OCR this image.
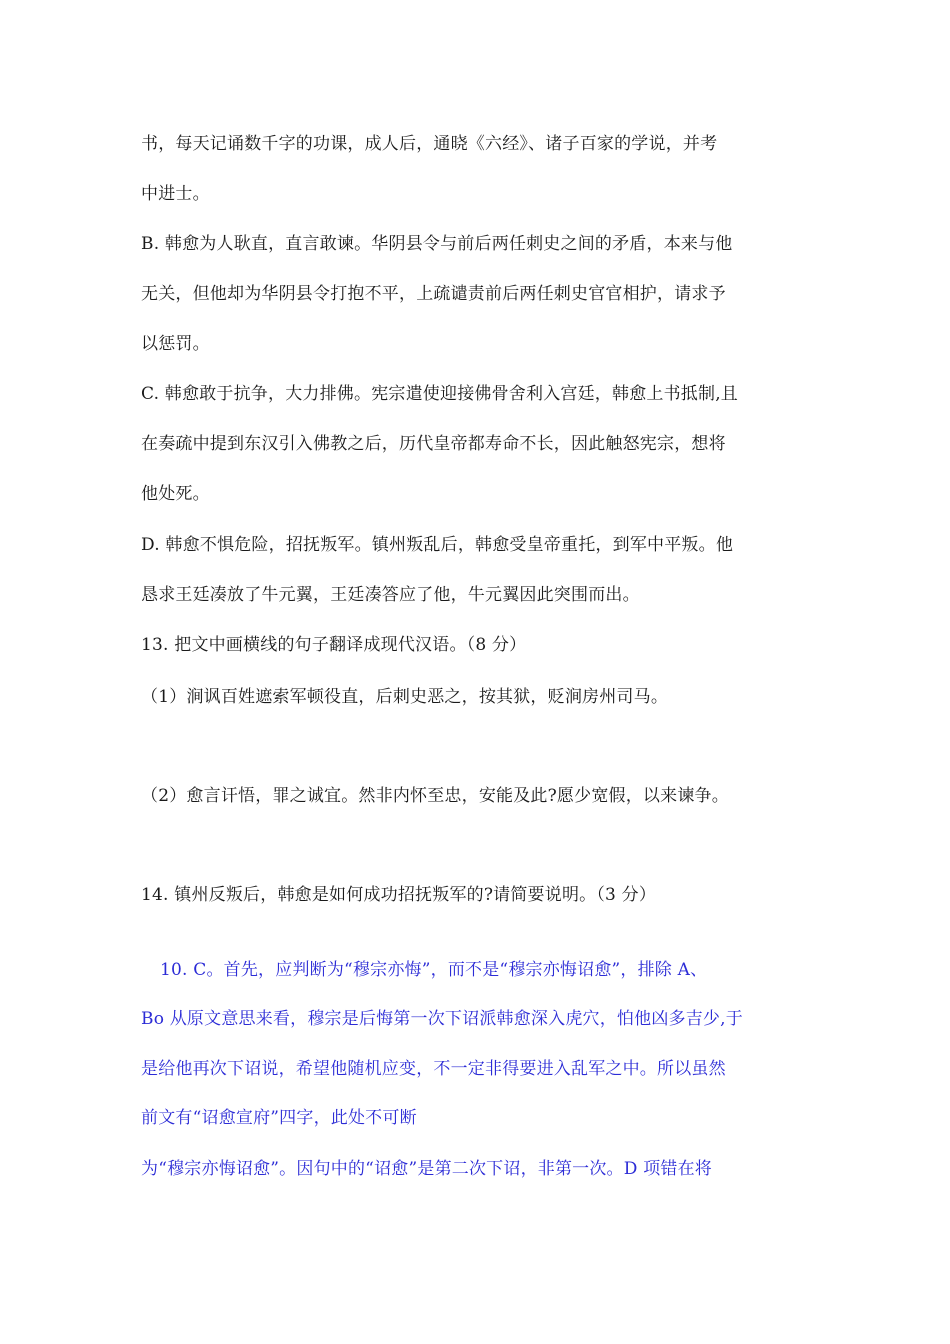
书，每天记诵数千字的功课，成人后，通晓《六经》、诸子百家的学说，并考
中进士。
B. 韩愈为人耿直，直言敢谏。华阴县令与前后两任刺史之间的矛盾，本来与他
无关，但他却为华阴县令打抱不平，上疏谴责前后两任刺史官官相护，请求予
以惩罚。
C. 韩愈敢于抗争，大力排佛。宪宗遣使迎接佛骨舍利入宫廷，韩愈上书抵制,且
在奏疏中提到东汉引入佛教之后，历代皇帝都寿命不长，因此触怒宪宗，想将
他处死。
D. 韩愈不惧危险，招抚叛军。镇州叛乱后，韩愈受皇帝重托，到军中平叛。他
恳求王廷凑放了牛元翼，王廷凑答应了他，牛元翼因此突围而出。
13. 把文中画横线的句子翻译成现代汉语。（8 分）
（1）涧讽百姓遮索军顿役直，后刺史恶之，按其狱，贬涧房州司马。
（2）愈言讦悟，罪之诚宜。然非内怀至忠，安能及此?愿少宽假，以来谏争。
14. 镇州反叛后，韩愈是如何成功招抚叛军的?请简要说明。（3 分）
10. C。首先，应判断为“穆宗亦悔”，而不是“穆宗亦悔诏愈”，排除 A、
Bo 从原文意思来看，穆宗是后悔第一次下诏派韩愈深入虎穴，怕他凶多吉少,于
是给他再次下诏说，希望他随机应变，不一定非得要进入乱军之中。所以虽然
前文有“诏愈宣府”四字，此处不可断
为“穆宗亦悔诏愈”。因句中的“诏愈”是第二次下诏，非第一次。D 项错在将
